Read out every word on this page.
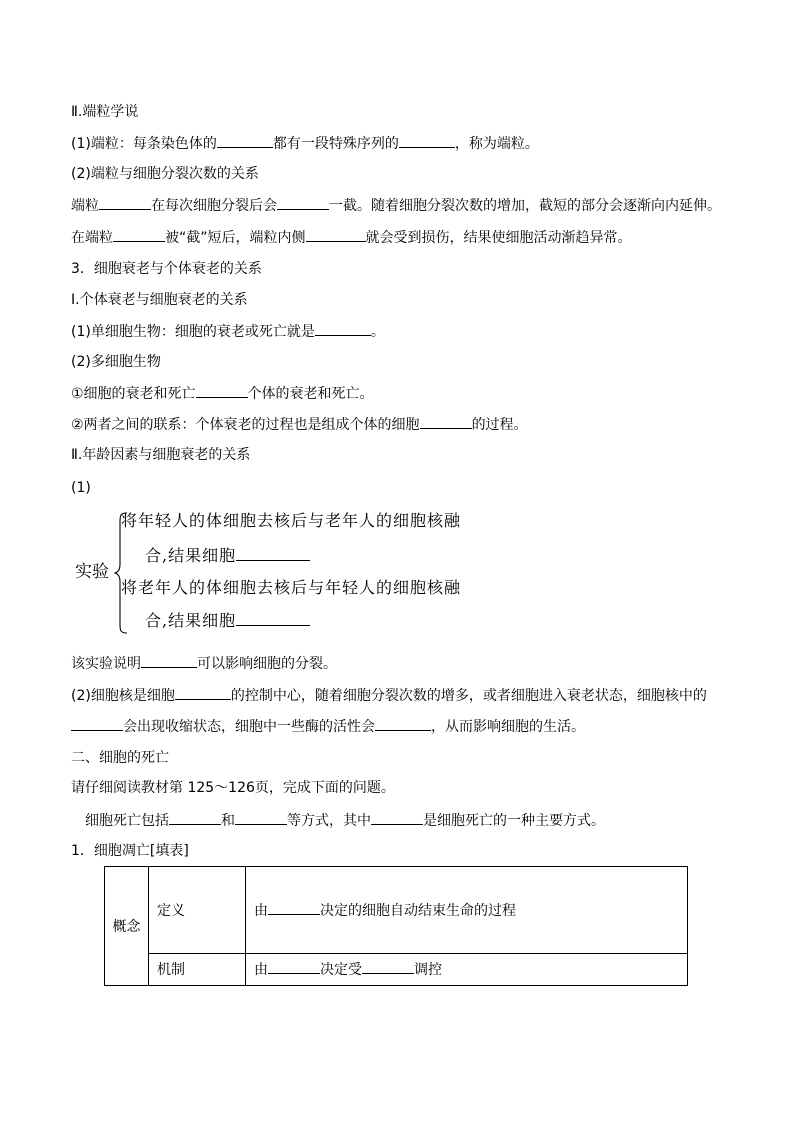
Ⅱ.端粒学说
(1)端粒：每条染色体的	都有一段特殊序列的	，称为端粒。
(2)端粒与细胞分裂次数的关系
端粒	在每次细胞分裂后会	一截。随着细胞分裂次数的增加，截短的部分会逐渐向内延伸。
在端粒	被“截”短后，端粒内侧	就会受到损伤，结果使细胞活动渐趋异常。
3．细胞衰老与个体衰老的关系
Ⅰ.个体衰老与细胞衰老的关系
(1)单细胞生物：细胞的衰老或死亡就是	。
(2)多细胞生物
①细胞的衰老和死亡	个体的衰老和死亡。
②两者之间的联系：个体衰老的过程也是组成个体的细胞	的过程。
Ⅱ.年龄因素与细胞衰老的关系
(1)
实验
将年轻人的体细胞去核后与老年人的细胞核融
合,结果细胞
将老年人的体细胞去核后与年轻人的细胞核融
合,结果细胞
该实验说明	可以影响细胞的分裂。
(2)细胞核是细胞	的控制中心，随着细胞分裂次数的增多，或者细胞进入衰老状态，细胞核中的
会出现收缩状态，细胞中一些酶的活性会	，从而影响细胞的生活。
二、细胞的死亡
请仔细阅读教材第 125～126页，完成下面的问题。
细胞死亡包括	和	等方式，其中	是细胞死亡的一种主要方式。
1．细胞凋亡[填表]
概念	定义	由 决定的细胞自动结束生命的过程
	机制	由 决定受 调控
